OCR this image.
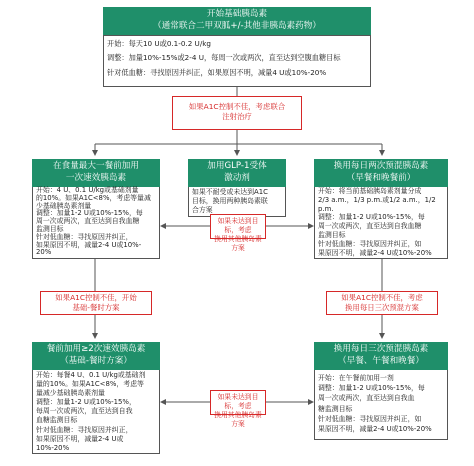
开始基础胰岛素
（通常联合二甲双胍+/-其他非胰岛素药物）
开始：每天10 U或0.1-0.2 U/kg
调整：加量10%-15%或2-4 U，每周一次或两次，直至达到空腹血糖目标
针对低血糖：寻找原因并纠正，如果原因不明，减量4 U或10%-20%
如果A1C控制不佳，考虑联合
注射治疗
在食量最大一餐前加用
一次速效胰岛素
开始：4 U、0.1 U/kg或基础剂量
的10%。如果A1C<8%，考虑等量减
少基础胰岛素剂量
调整：加量1-2 U或10%-15%，每
周一次或两次，直至达到自我血糖
监测目标
针对低血糖：寻找原因并纠正，
如果原因不明，减量2-4 U或10%-
20%
加用GLP-1受体
激动剂
如果不耐受或未达到A1C
目标，换用两种胰岛素联
合方案
换用每日两次预混胰岛素
（早餐和晚餐前）
开始：将当前基础胰岛素剂量分成
2/3 a.m.，1/3 p.m.或1/2 a.m.，1/2
p.m.
调整：加量1-2 U或10%-15%，每
周一次或两次，直至达到自我血糖
监测目标
针对低血糖：寻找原因并纠正，如
果原因不明，减量2-4 U或10%-20%
如果未达到目标，考虑
换用其他胰岛素方案
如果A1C控制不佳，开始
基础-餐时方案
如果A1C控制不佳，考虑
换用每日三次预混方案
餐前加用≥2次速效胰岛素
（基础-餐时方案）
开始：每餐4 U、0.1 U/kg或基础剂
量的10%。如果A1C<8%，考虑等
量减少基础胰岛素剂量
调整：加量1-2 U或10%-15%，
每周一次或两次，直至达到自我
血糖监测目标
针对低血糖：寻找原因并纠正，
如果原因不明，减量2-4 U或
10%-20%
如果未达到目标，考虑
换用其他胰岛素方案
换用每日三次预混胰岛素
（早餐、午餐和晚餐）
开始：在午餐前加用一剂
调整：加量1-2 U或10%-15%，每
周一次或两次，直至达到自我血
糖监测目标
针对低血糖：寻找原因并纠正，如
果原因不明，减量2-4 U或10%-20%
